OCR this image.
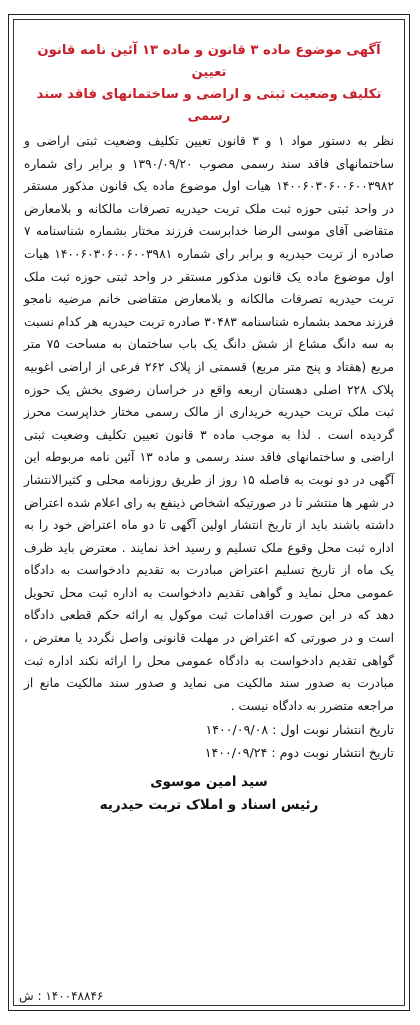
آگهی موضوع ماده ۳ قانون و ماده ۱۳ آئین نامه قانون تعیین
تکلیف وضعیت ثبتی و اراضی و ساختمانهای فاقد سند رسمی
نظر به دستور مواد ۱ و ۳ قانون تعیین تکلیف وضعیت ثبتی اراضی و ساختمانهای فاقد سند رسمی مصوب ۱۳۹۰/۰۹/۲۰ و برابر رای شماره ۱۴۰۰۶۰۳۰۶۰۰۶۰۰۳۹۸۲ هیات اول موضوع ماده یک قانون مذکور مستقر در واحد ثبتی حوزه ثبت ملک تربت حیدریه تصرفات مالکانه و بلامعارض متقاضی آقای موسی الرضا خدابرست فرزند مختار بشماره شناسنامه ۷ صادره از تربت حیدریه و برابر رای شماره ۱۴۰۰۶۰۳۰۶۰۰۶۰۰۳۹۸۱ هیات اول موضوع ماده یک قانون مذکور مستقر در واحد ثبتی حوزه ثبت ملک تربت حیدریه تصرفات مالکانه و بلامعارض متقاضی خانم مرضیه نامجو فرزند محمد بشماره شناسنامه ۳۰۴۸۳ صادره تربت حیدریه هر کدام نسبت به سه دانگ مشاع از شش دانگ یک باب ساختمان به مساحت ۷۵ متر مربع (هفتاد و پنج متر مربع) قسمتی از پلاک ۲۶۲ فرعی از اراضی اغوبیه پلاک ۲۲۸ اصلی دهستان اربعه واقع در خراسان رضوی بخش یک حوزه ثبت ملک تربت حیدریه خریداری از مالک رسمی مختار خداپرست محرز گردیده است . لذا به موجب ماده ۳ قانون تعیین تکلیف وضعیت ثبتی اراضی و ساختمانهای فاقد سند رسمی و ماده ۱۳ آئین نامه مربوطه این آگهی در دو نوبت به فاصله ۱۵ روز از طریق روزنامه محلی و کثیرالانتشار در شهر ها منتشر تا در صورتیکه اشخاص ذینفع به رای اعلام شده اعتراض داشته باشند باید از تاریخ انتشار اولین آگهی تا دو ماه اعتراض خود را به اداره ثبت محل وقوع ملک تسلیم و رسید اخذ نمایند . معترض باید ظرف یک ماه از تاریخ تسلیم اعتراض مبادرت به تقدیم دادخواست به دادگاه عمومی محل نماید و گواهی تقدیم دادخواست به اداره ثبت محل تحویل دهد که در این صورت اقدامات ثبت موکول به ارائه حکم قطعی دادگاه است و در صورتی که اعتراض در مهلت قانونی واصل نگردد یا معترض ، گواهی تقدیم دادخواست به دادگاه عمومی محل را ارائه نکند اداره ثبت مبادرت به صدور سند مالکیت می نماید و صدور سند مالکیت مانع از مراجعه متضرر به دادگاه نیست .
تاریخ انتشار نوبت اول : ۱۴۰۰/۰۹/۰۸
تاریخ انتشار نوبت دوم : ۱۴۰۰/۰۹/۲۴
سید امین موسوی
رئیس اسناد و املاک تربت حیدریه
۱۴۰۰۴۸۸۴۶ : ش
